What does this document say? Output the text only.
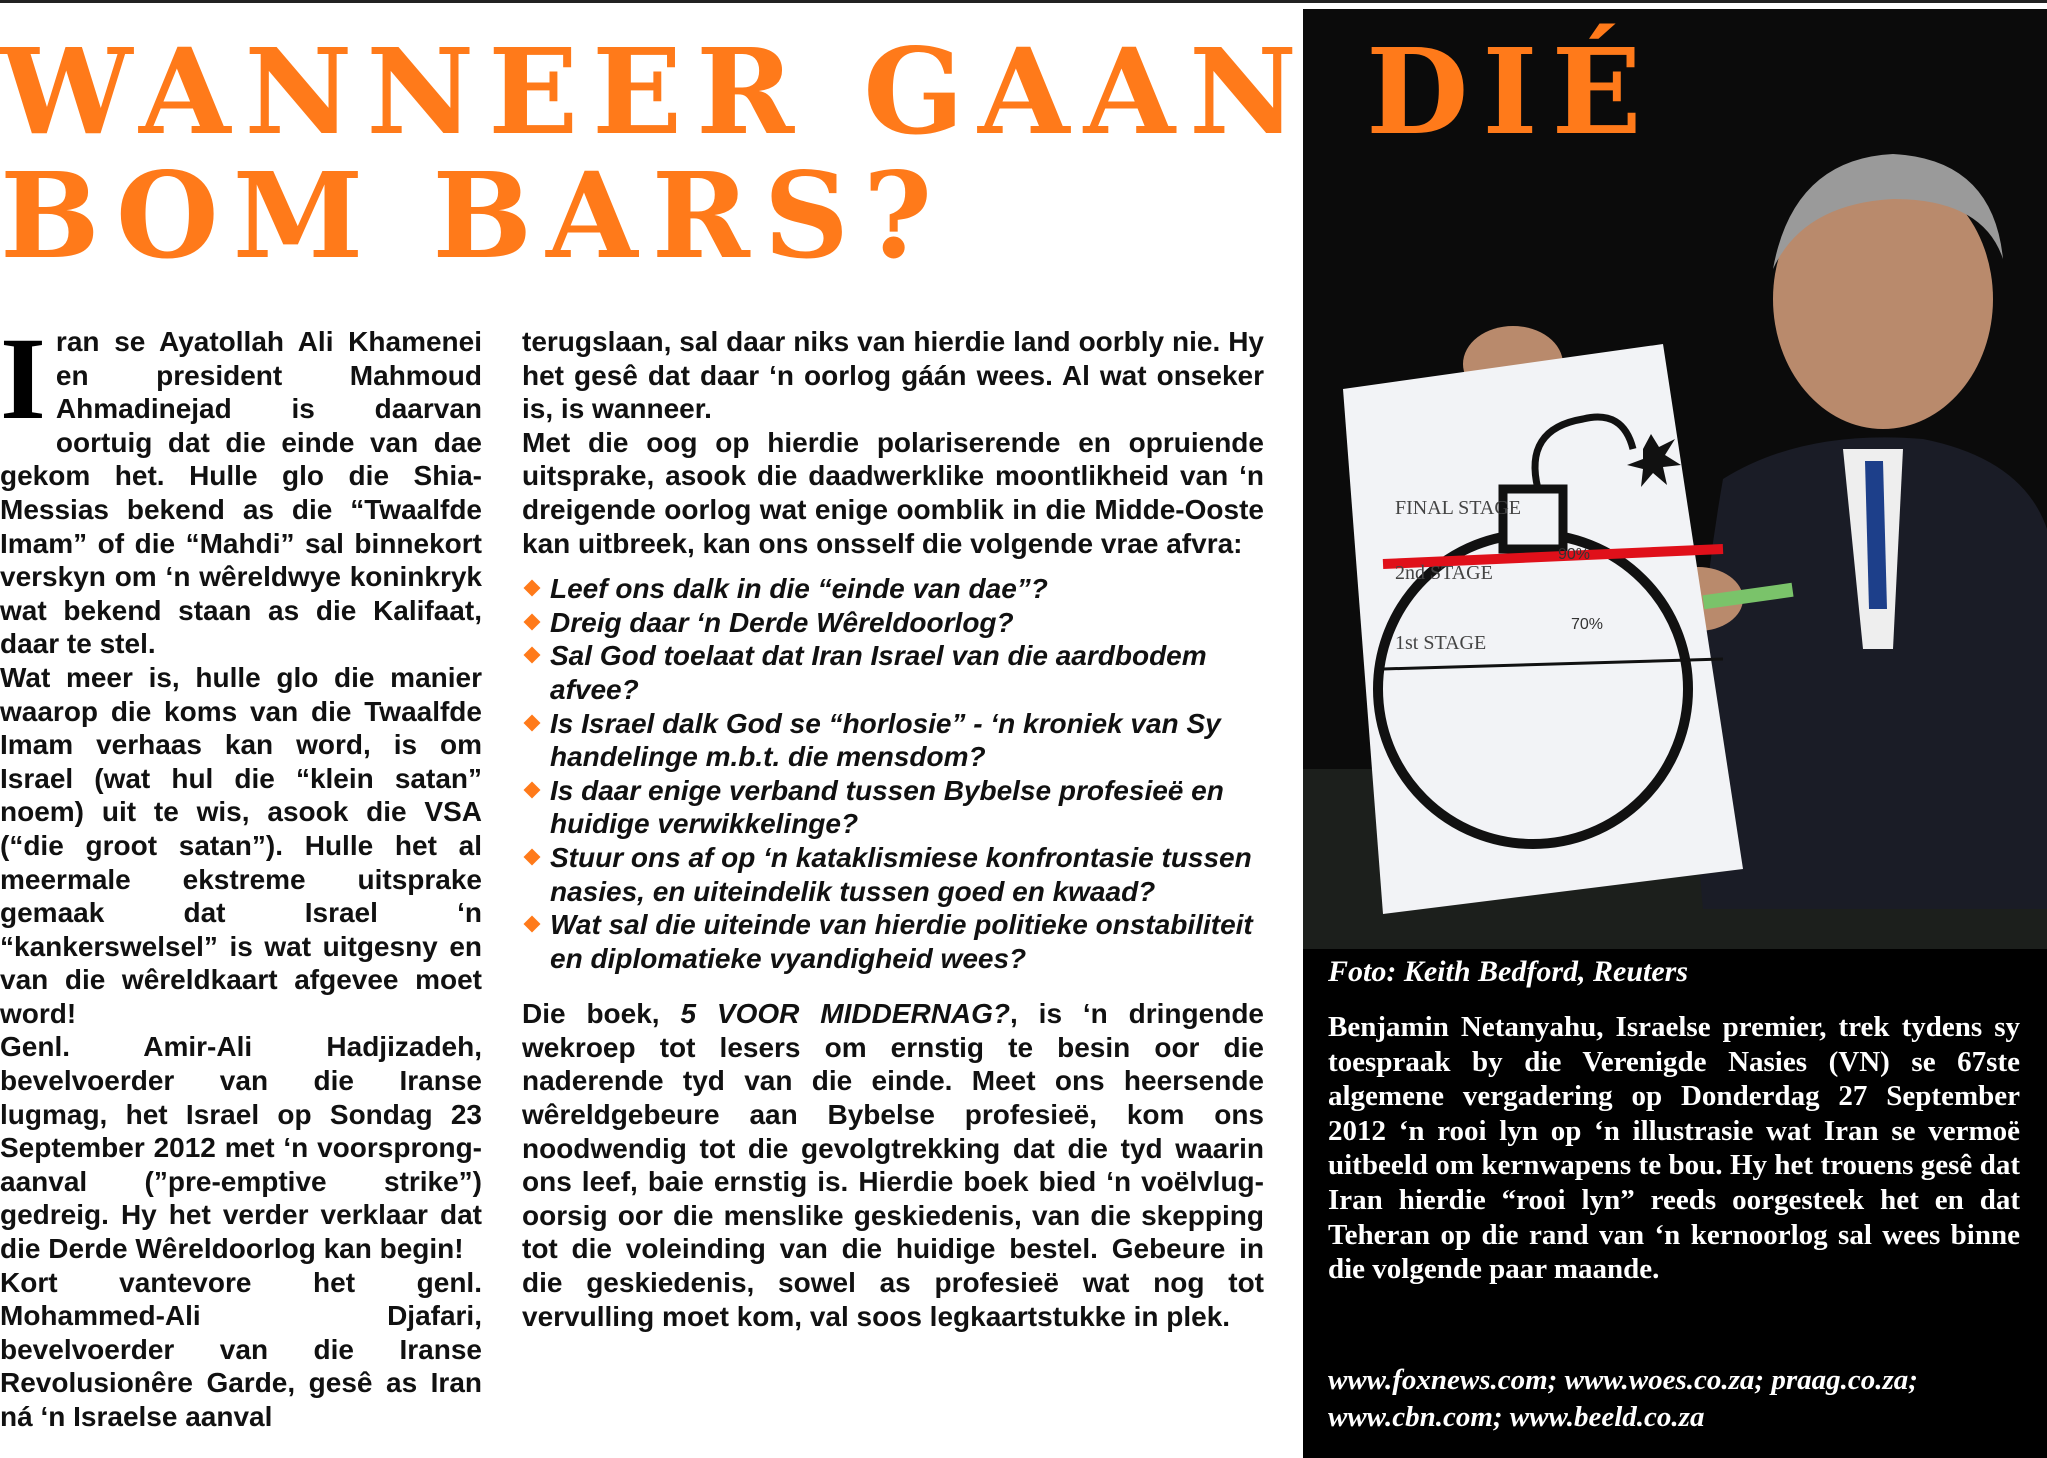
FINAL STAGE
2nd STAGE
1st STAGE
90%
70%
WANNEER GAAN DIÉ
BOM BARS?
I ran se Ayatollah Ali Khamenei en president Mahmoud Ahmadinejad is daarvan oortuig dat die einde van dae gekom het. Hulle glo die Shia-Messias bekend as die “Twaalfde Imam” of die “Mahdi” sal binnekort verskyn om ‘n wêreldwye koninkryk wat bekend staan as die Kalifaat, daar te stel.

Wat meer is, hulle glo die manier waarop die koms van die Twaalfde Imam verhaas kan word, is om Israel (wat hul die “klein satan” noem) uit te wis, asook die VSA (“die groot satan”). Hulle het al meermale ekstreme uitsprake gemaak dat Israel ‘n “kankerswelsel” is wat uitgesny en van die wêreldkaart afgevee moet word!

Genl. Amir-Ali Hadjizadeh, bevelvoerder van die Iranse lugmag, het Israel op Sondag 23 September 2012 met ‘n voorsprong-aanval (”pre-emptive strike”) gedreig. Hy het verder verklaar dat die Derde Wêreldoorlog kan begin!

Kort vantevore het genl. Mohammed-Ali Djafari, bevelvoerder van die Iranse Revolusionêre Garde, gesê as Iran ná ‘n Israelse aanval

terugslaan, sal daar niks van hierdie land oorbly nie. Hy het gesê dat daar ‘n oorlog gáán wees. Al wat onseker is, is wanneer.

Met die oog op hierdie polariserende en opruiende uitsprake, asook die daadwerklike moontlikheid van ‘n dreigende oorlog wat enige oomblik in die Midde-Ooste kan uitbreek, kan ons onsself die volgende vrae afvra:

Leef ons dalk in die “einde van dae”?
Dreig daar ‘n Derde Wêreldoorlog?
Sal God toelaat dat Iran Israel van die aardbodem afvee?
Is Israel dalk God se “horlosie” - ‘n kroniek van Sy handelinge m.b.t. die mensdom?
Is daar enige verband tussen Bybelse profesieë en huidige verwikkelinge?
Stuur ons af op ‘n kataklismiese konfrontasie tussen nasies, en uiteindelik tussen goed en kwaad?
Wat sal die uiteinde van hierdie politieke onstabiliteit en diplomatieke vyandigheid wees?

Die boek, 5 VOOR MIDDERNAG?, is ‘n dringende wekroep tot lesers om ernstig te besin oor die naderende tyd van die einde. Meet ons heersende wêreldgebeure aan Bybelse profesieë, kom ons noodwendig tot die gevolgtrekking dat die tyd waarin ons leef, baie ernstig is. Hierdie boek bied ‘n voëlvlug-oorsig oor die menslike geskiedenis, van die skepping tot die voleinding van die huidige bestel. Gebeure in die geskiedenis, sowel as profesieë wat nog tot vervulling moet kom, val soos legkaartstukke in plek.

Foto: Keith Bedford, Reuters

Benjamin Netanyahu, Israelse premier, trek tydens sy toespraak by die Verenigde Nasies (VN) se 67ste algemene vergadering op Donderdag 27 September 2012 ‘n rooi lyn op ‘n illustrasie wat Iran se vermoë uitbeeld om kernwapens te bou. Hy het trouens gesê dat Iran hierdie “rooi lyn” reeds oorgesteek het en dat Teheran op die rand van ‘n kernoorlog sal wees binne die volgende paar maande.

www.foxnews.com; www.woes.co.za; praag.co.za; www.cbn.com; www.beeld.co.za
